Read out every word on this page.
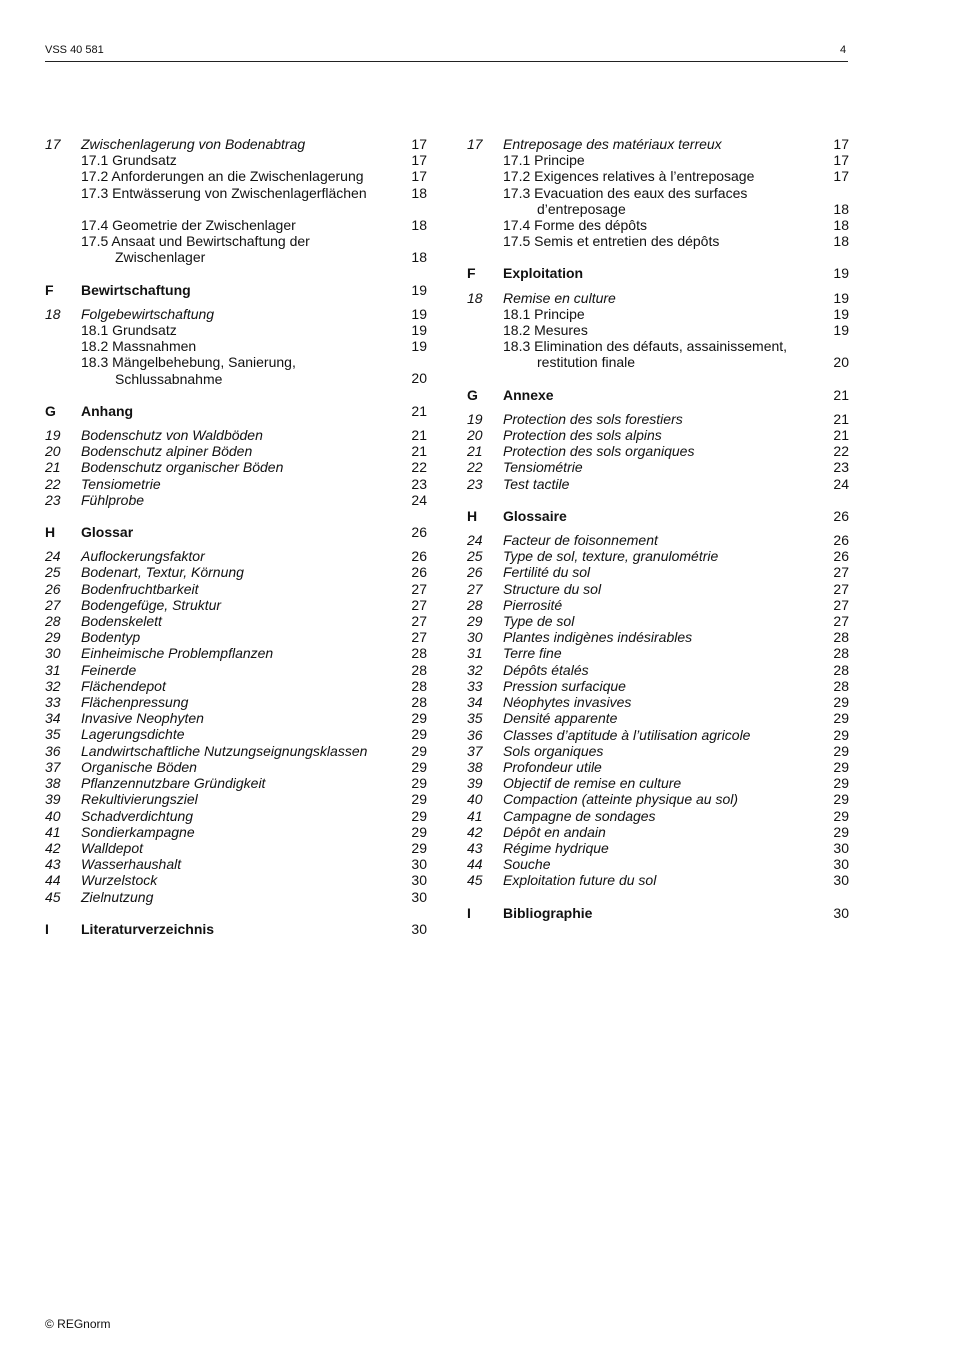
VSS 40 581	4
17 Zwischenlagerung von Bodenabtrag	17
17.1 Grundsatz	17
17.2 Anforderungen an die Zwischenlagerung	17
17.3 Entwässerung von Zwischenlagerflächen	18
17.4 Geometrie der Zwischenlager	18
17.5 Ansaat und Bewirtschaftung der Zwischenlager	18
F Bewirtschaftung	19
18 Folgebewirtschaftung	19
18.1 Grundsatz	19
18.2 Massnahmen	19
18.3 Mängelbehebung, Sanierung, Schlussabnahme	20
G Anhang	21
19 Bodenschutz von Waldböden	21
20 Bodenschutz alpiner Böden	21
21 Bodenschutz organischer Böden	22
22 Tensiometrie	23
23 Fühlprobe	24
H Glossar	26
24 Auflockerungsfaktor	26
25 Bodenart, Textur, Körnung	26
26 Bodenfruchtbarkeit	27
27 Bodengefüge, Struktur	27
28 Bodenskelett	27
29 Bodentyp	27
30 Einheimische Problempflanzen	28
31 Feinerde	28
32 Flächendepot	28
33 Flächenpressung	28
34 Invasive Neophyten	29
35 Lagerungsdichte	29
36 Landwirtschaftliche Nutzungseignungsklassen	29
37 Organische Böden	29
38 Pflanzennutzbare Gründigkeit	29
39 Rekultivierungsziel	29
40 Schadverdichtung	29
41 Sondierkampagne	29
42 Walldepot	29
43 Wasserhaushalt	30
44 Wurzelstock	30
45 Zielnutzung	30
I Literaturverzeichnis	30
17 Entreposage des matériaux terreux	17
17.1 Principe	17
17.2 Exigences relatives à l’entreposage	17
17.3 Evacuation des eaux des surfaces d’entreposage	18
17.4 Forme des dépôts	18
17.5 Semis et entretien des dépôts	18
F Exploitation	19
18 Remise en culture	19
18.1 Principe	19
18.2 Mesures	19
18.3 Elimination des défauts, assainissement, restitution finale	20
G Annexe	21
19 Protection des sols forestiers	21
20 Protection des sols alpins	21
21 Protection des sols organiques	22
22 Tensiométrie	23
23 Test tactile	24
H Glossaire	26
24 Facteur de foisonnement	26
25 Type de sol, texture, granulométrie	26
26 Fertilité du sol	27
27 Structure du sol	27
28 Pierrosité	27
29 Type de sol	27
30 Plantes indigènes indésirables	28
31 Terre fine	28
32 Dépôts étalés	28
33 Pression surfacique	28
34 Néophytes invasives	29
35 Densité apparente	29
36 Classes d’aptitude à l’utilisation agricole	29
37 Sols organiques	29
38 Profondeur utile	29
39 Objectif de remise en culture	29
40 Compaction (atteinte physique au sol)	29
41 Campagne de sondages	29
42 Dépôt en andain	29
43 Régime hydrique	30
44 Souche	30
45 Exploitation future du sol	30
I Bibliographie	30
© REGnorm
